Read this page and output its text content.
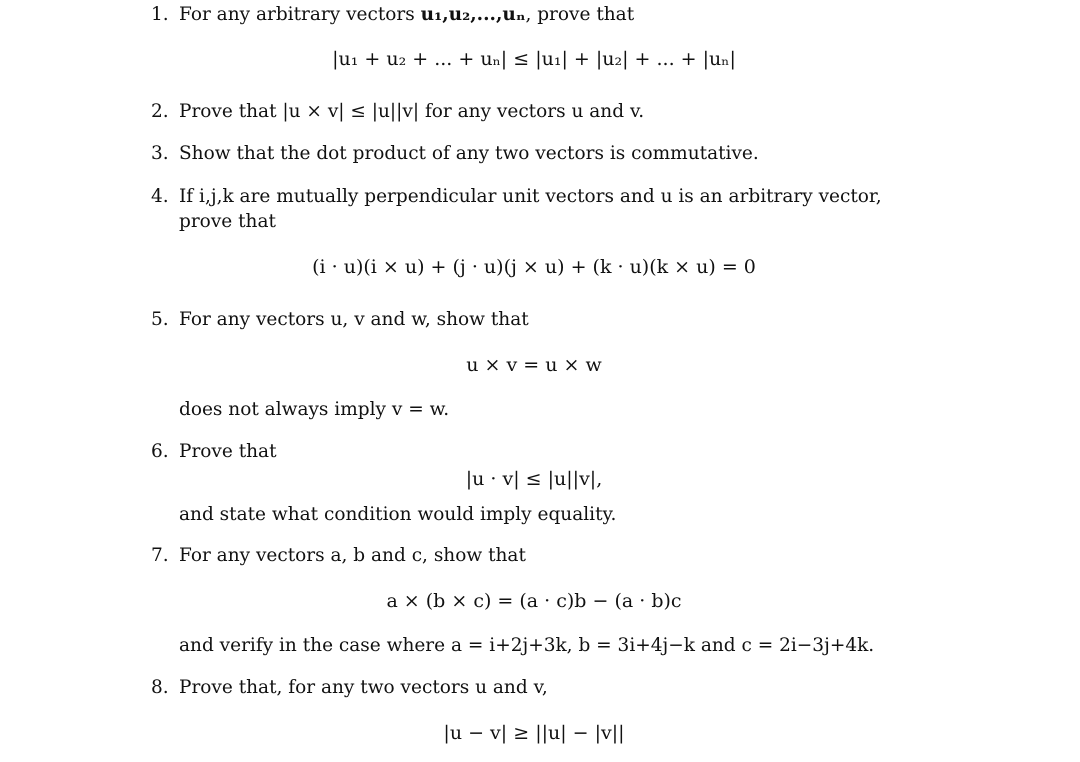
1. For any arbitrary vectors u₁,u₂,...,uₙ, prove that
|u₁ + u₂ + ... + uₙ| ≤ |u₁| + |u₂| + ... + |uₙ|
2. Prove that |u × v| ≤ |u||v| for any vectors u and v.
3. Show that the dot product of any two vectors is commutative.
4. If i,j,k are mutually perpendicular unit vectors and u is an arbitrary vector,
prove that
(i · u)(i × u) + (j · u)(j × u) + (k · u)(k × u) = 0
5. For any vectors u, v and w, show that
u × v = u × w
does not always imply v = w.
6. Prove that
|u · v| ≤ |u||v|,
and state what condition would imply equality.
7. For any vectors a, b and c, show that
a × (b × c) = (a · c)b − (a · b)c
and verify in the case where a = i+2j+3k, b = 3i+4j−k and c = 2i−3j+4k.
8. Prove that, for any two vectors u and v,
|u − v| ≥ ||u| − |v||
